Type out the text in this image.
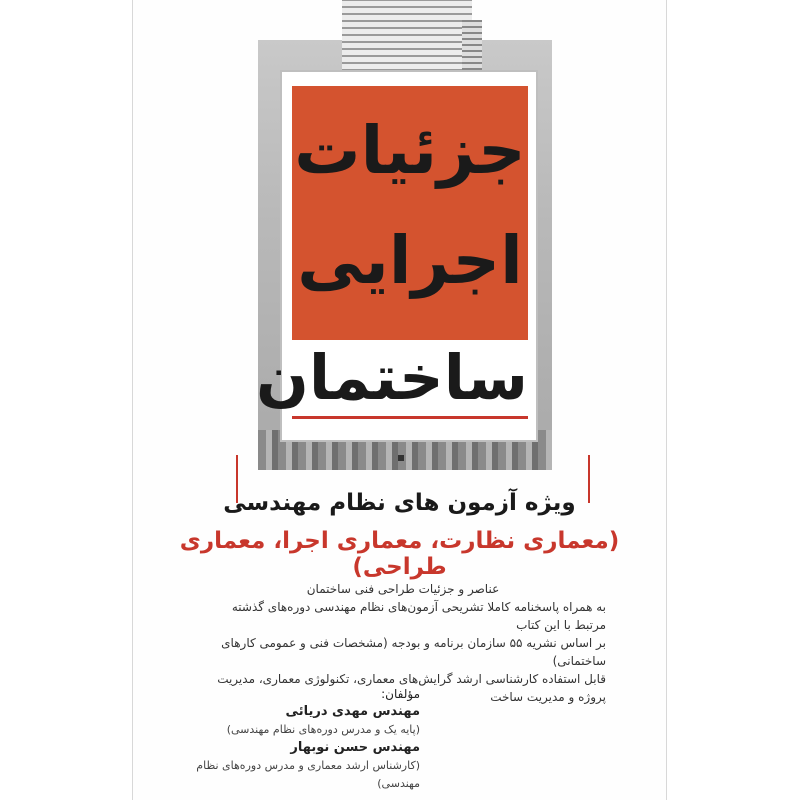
جزئیات
اجرایی
ساختمان
ویژه آزمون های نظام مهندسی
(معماری نظارت، معماری اجرا، معماری طراحی)
عناصر و جزئیات طراحی فنی ساختمان
به همراه پاسخنامه کاملا تشریحی آزمون‌های نظام مهندسی دوره‌های گذشته مرتبط با این کتاب
بر اساس نشریه ۵۵ سازمان برنامه و بودجه (مشخصات فنی و عمومی کارهای ساختمانی)
قابل استفاده کارشناسی ارشد گرایش‌های معماری، تکنولوژی معماری، مدیریت پروژه و مدیریت ساخت
مؤلفان:
مهندس مهدی دریائی
(پایه یک و مدرس دوره‌های نظام مهندسی)
مهندس حسن نوبهار
(کارشناس ارشد معماری و مدرس دوره‌های نظام مهندسی)
